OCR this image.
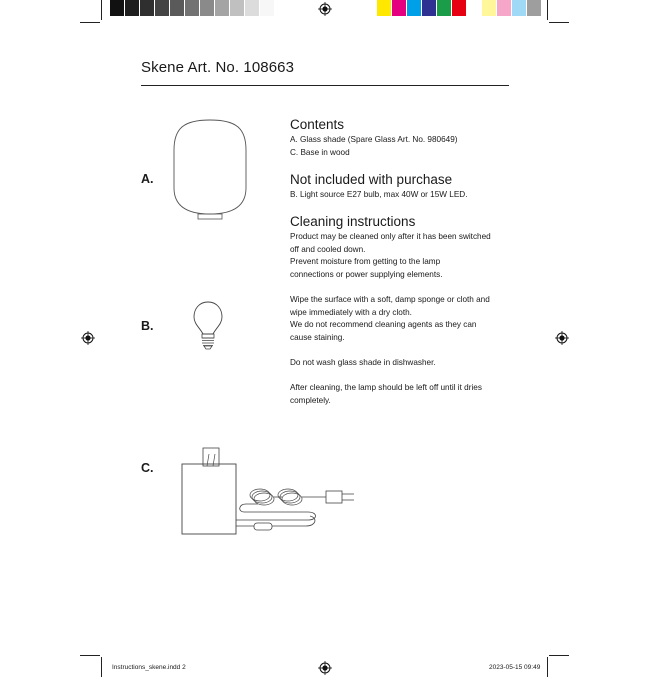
Skene Art. No. 108663
A.
B.
C.
Contents
A. Glass shade (Spare Glass Art. No. 980649)
C. Base in wood
Not included with purchase
B. Light source E27 bulb, max 40W or 15W LED.
Cleaning instructions
Product may be cleaned only after it has been switched
off and cooled down.
Prevent moisture from getting to the lamp
connections or power supplying elements.
Wipe the surface with a soft, damp sponge or cloth and
wipe immediately with a dry cloth.
We do not recommend cleaning agents as they can
cause staining.
Do not wash glass shade in dishwasher.
After cleaning, the lamp should be left off until it dries
completely.
Instructions_skene.indd 2	2023-05-15 09:49
